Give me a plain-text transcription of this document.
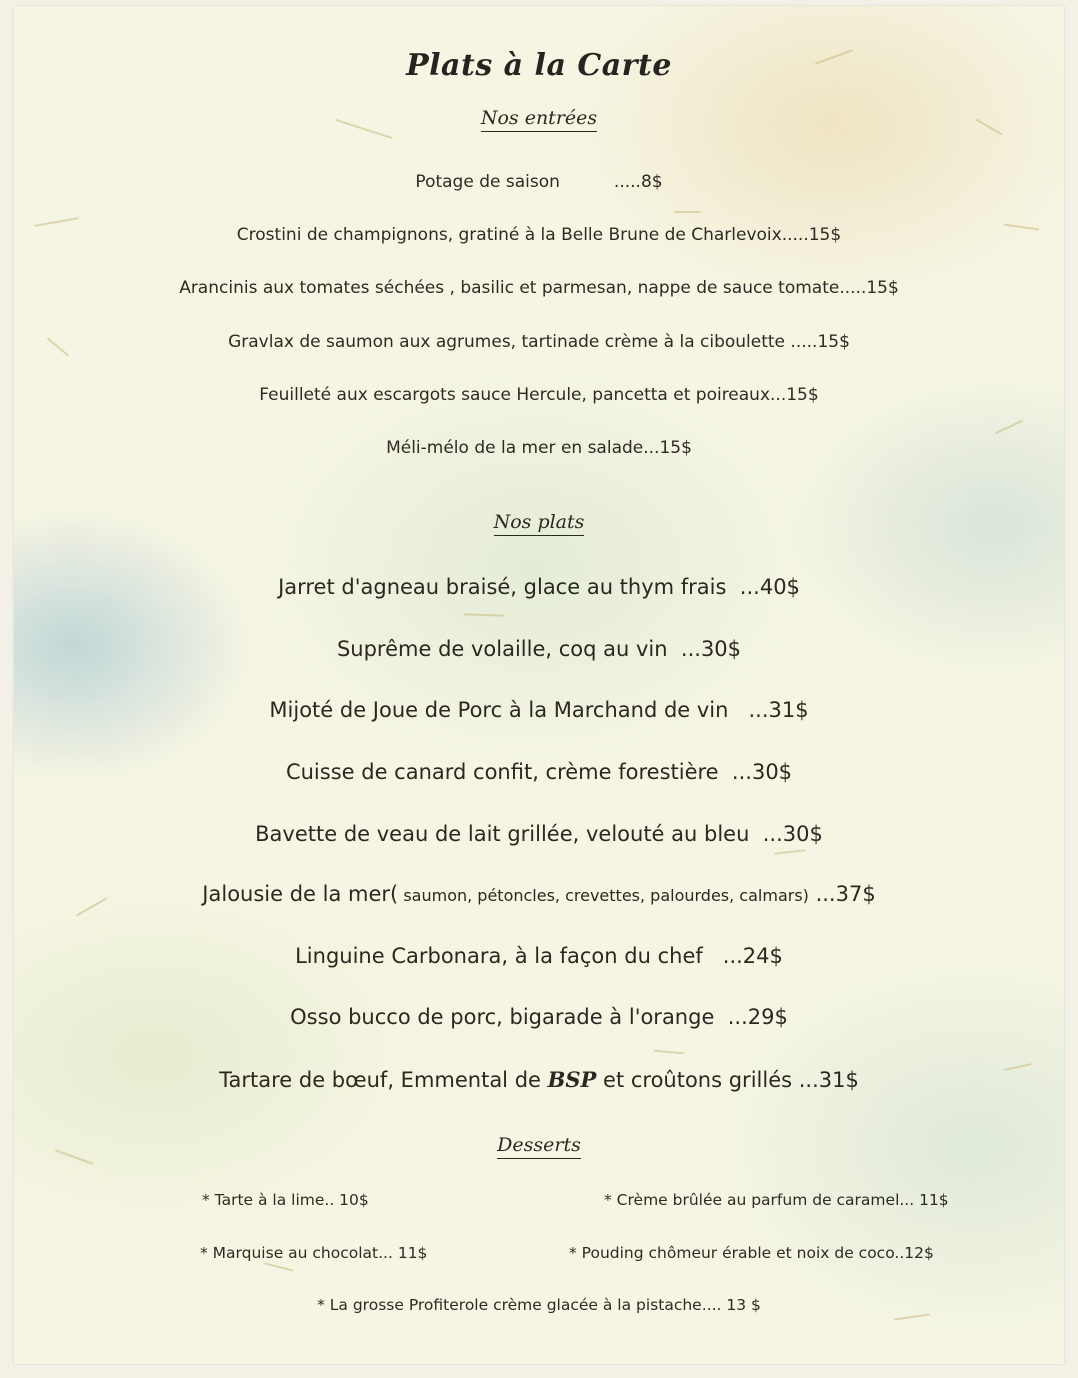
Plats à la Carte
Nos entrées
Potage de saison          .....8$
Crostini de champignons, gratiné à la Belle Brune de Charlevoix.....15$
Arancinis aux tomates séchées , basilic et parmesan, nappe de sauce tomate.....15$
Gravlax de saumon aux agrumes, tartinade crème à la ciboulette .....15$
Feuilleté aux escargots sauce Hercule, pancetta et poireaux...15$
Méli-mélo de la mer en salade...15$
Nos plats
Jarret d'agneau braisé, glace au thym frais  ...40$
Suprême de volaille, coq au vin  ...30$
Mijoté de Joue de Porc à la Marchand de vin   ...31$
Cuisse de canard confit, crème forestière  ...30$
Bavette de veau de lait grillée, velouté au bleu  ...30$
Jalousie de la mer( saumon, pétoncles, crevettes, palourdes, calmars) ...37$
Linguine Carbonara, à la façon du chef   ...24$
Osso bucco de porc, bigarade à l'orange  ...29$
Tartare de bœuf, Emmental de BSP et croûtons grillés ...31$
Desserts
* Tarte à la lime.. 10$	* Crème brûlée au parfum de caramel... 11$
* Marquise au chocolat... 11$	* Pouding chômeur érable et noix de coco..12$
* La grosse Profiterole crème glacée à la pistache.... 13 $
